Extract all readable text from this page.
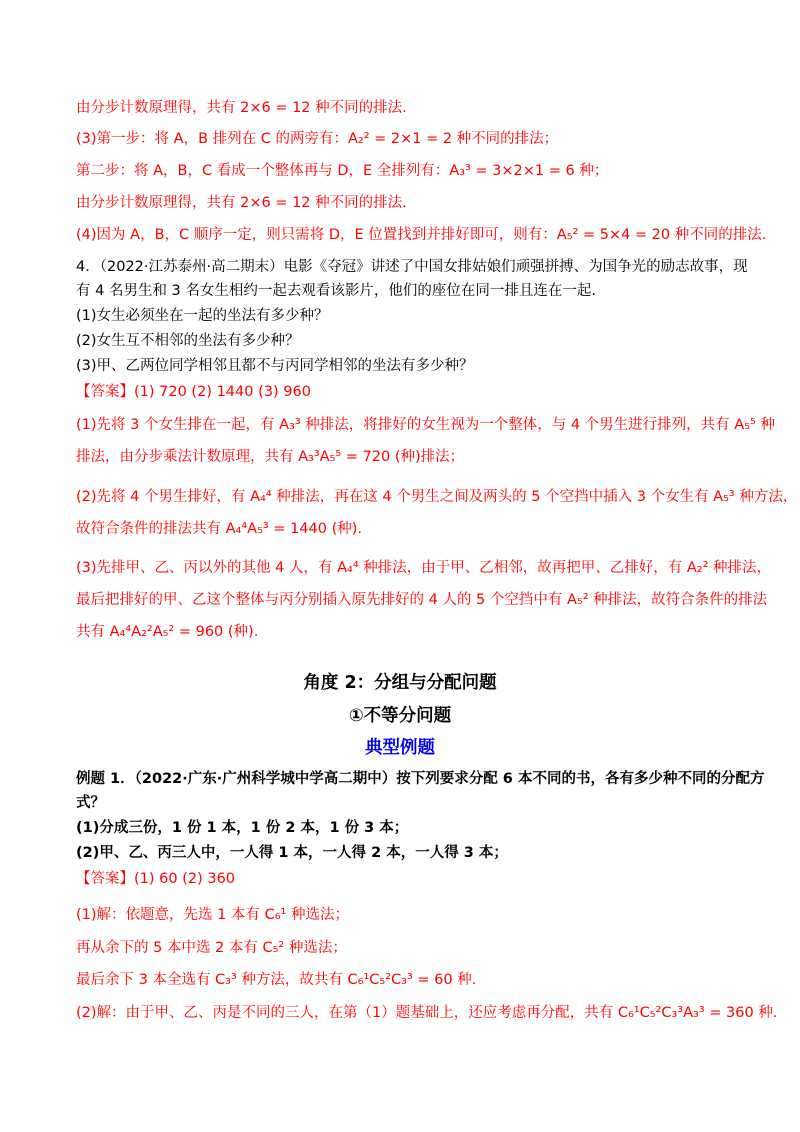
由分步计数原理得，共有 2×6 = 12 种不同的排法.
(3)第一步：将 A，B 排列在 C 的两旁有：A₂² = 2×1 = 2 种不同的排法；
第二步：将 A，B，C 看成一个整体再与 D，E 全排列有：A₃³ = 3×2×1 = 6 种；
由分步计数原理得，共有 2×6 = 12 种不同的排法.
(4)因为 A，B，C 顺序一定，则只需将 D，E 位置找到并排好即可，则有：A₅² = 5×4 = 20 种不同的排法.
4．（2022·江苏泰州·高二期末）电影《夺冠》讲述了中国女排姑娘们顽强拼搏、为国争光的励志故事，现
有 4 名男生和 3 名女生相约一起去观看该影片，他们的座位在同一排且连在一起.
(1)女生必须坐在一起的坐法有多少种？
(2)女生互不相邻的坐法有多少种？
(3)甲、乙两位同学相邻且都不与丙同学相邻的坐法有多少种？
【答案】(1) 720 (2) 1440 (3) 960
(1)先将 3 个女生排在一起，有 A₃³ 种排法，将排好的女生视为一个整体，与 4 个男生进行排列，共有 A₅⁵ 种
排法，由分步乘法计数原理，共有 A₃³A₅⁵ = 720 (种)排法；
(2)先将 4 个男生排好，有 A₄⁴ 种排法，再在这 4 个男生之间及两头的 5 个空挡中插入 3 个女生有 A₅³ 种方法，
故符合条件的排法共有 A₄⁴A₅³ = 1440 (种).
(3)先排甲、乙、丙以外的其他 4 人，有 A₄⁴ 种排法，由于甲、乙相邻，故再把甲、乙排好，有 A₂² 种排法，
最后把排好的甲、乙这个整体与丙分别插入原先排好的 4 人的 5 个空挡中有 A₅² 种排法，故符合条件的排法
共有 A₄⁴A₂²A₅² = 960 (种).
角度 2：分组与分配问题
①不等分问题
典型例题
例题 1．（2022·广东·广州科学城中学高二期中）按下列要求分配 6 本不同的书，各有多少种不同的分配方
式？
(1)分成三份，1 份 1 本，1 份 2 本，1 份 3 本；
(2)甲、乙、丙三人中，一人得 1 本，一人得 2 本，一人得 3 本；
【答案】(1) 60 (2) 360
(1)解：依题意，先选 1 本有 C₆¹ 种选法；
再从余下的 5 本中选 2 本有 C₅² 种选法；
最后余下 3 本全选有 C₃³ 种方法，故共有 C₆¹C₅²C₃³ = 60 种.
(2)解：由于甲、乙、丙是不同的三人，在第（1）题基础上，还应考虑再分配，共有 C₆¹C₅²C₃³A₃³ = 360 种.
